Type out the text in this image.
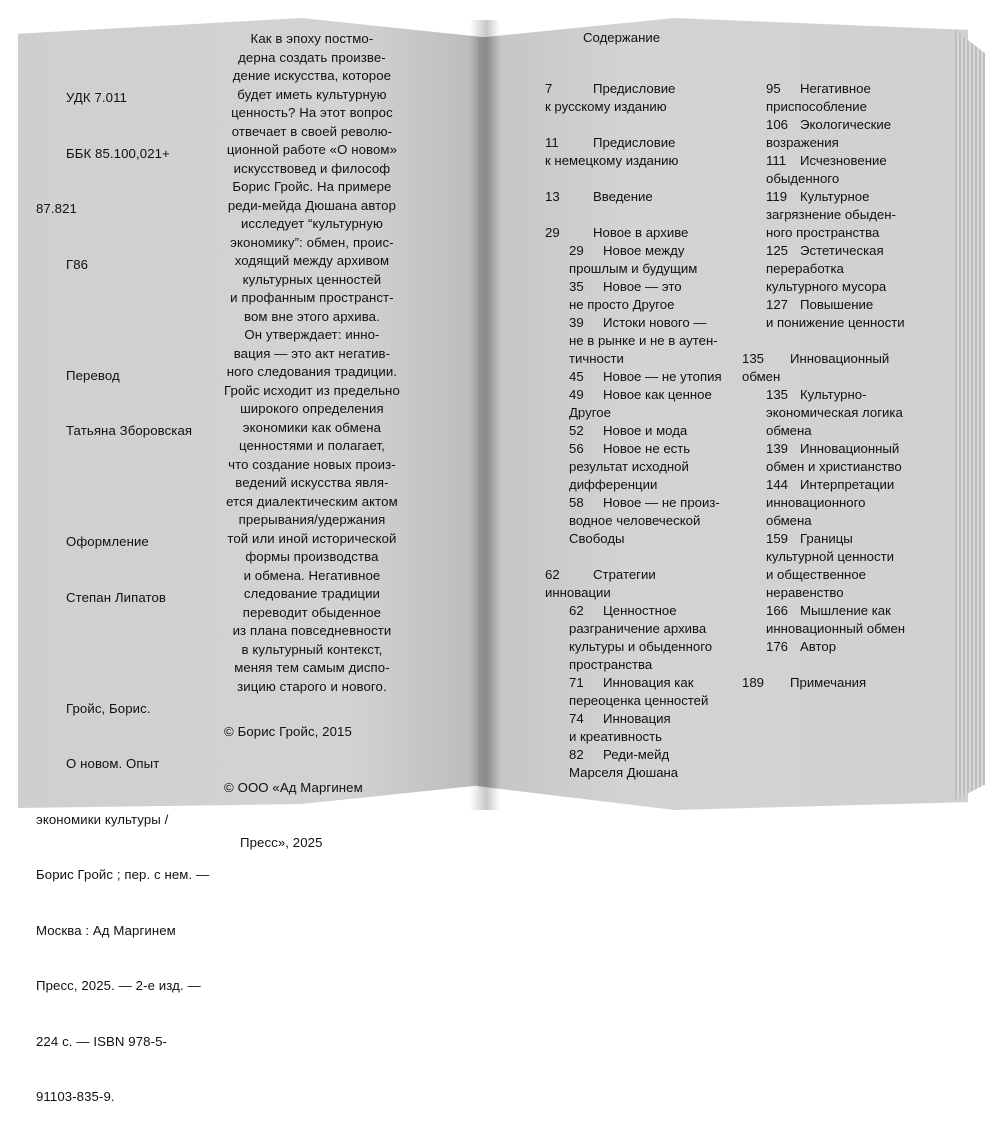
УДК 7.011

ББК 85.100,021+

87.821

Г86

Перевод

Татьяна Зборовская

Оформление

Степан Липатов

Гройс, Борис.

О новом. Опыт

экономики культуры /

Борис Гройс ; пер. с нем. —

Москва : Ад Маргинем

Пресс, 2025. — 2-е изд. —

224 с. — ISBN 978-5-

91103-835-9.

Как в эпоху постмо-
дерна создать произве-
дение искусства, которое
будет иметь культурную
ценность? На этот вопрос
отвечает в своей револю-
ционной работе «О новом»
искусствовед и философ
Борис Гройс. На примере
реди-мейда Дюшана автор
исследует “культурную
экономику”: обмен, проис-
ходящий между архивом
культурных ценностей
и профанным пространст-
вом вне этого архива.
Он утверждает: инно-
вация — это акт негатив-
ного следования традиции.
Гройс исходит из предельно
широкого определения
экономики как обмена
ценностями и полагает,
что создание новых произ-
ведений искусства явля-
ется диалектическим актом
прерывания/удержания
той или иной исторической
формы производства
и обмена. Негативное
следование традиции
переводит обыденное
из плана повседневности
в культурный контекст,
меняя тем самым диспо-
зицию старого и нового.

© Борис Гройс, 2015

© ООО «Ад Маргинем

Пресс», 2025

Содержание
7	Предисловие
к русскому изданию
11	Предисловие
к немецкому изданию
13	Введение
29	Новое в архиве
29 Новое между
прошлым и будущим
35 Новое — это
не просто Другое
39 Истоки нового —
не в рынке и не в аутен-
тичности
45 Новое — не утопия
49 Новое как ценное
Другое
52 Новое и мода
56 Новое не есть
результат исходной
дифференции
58 Новое — не произ-
водное человеческой
Свободы
62	Стратегии
инновации
62 Ценностное
разграничение архива
культуры и обыденного
пространства
71 Инновация как
переоценка ценностей
74 Инновация
и креативность
82 Реди-мейд
Марселя Дюшана
95 Негативное
приспособление
106 Экологические
возражения
111 Исчезновение
обыденного
119 Культурное
загрязнение обыден-
ного пространства
125 Эстетическая
переработка
культурного мусора
127 Повышение
и понижение ценности
135 Инновационный
обмен
135 Культурно-
экономическая логика
обмена
139 Инновационный
обмен и христианство
144 Интерпретации
инновационного
обмена
159 Границы
культурной ценности
и общественное
неравенство
166 Мышление как
инновационный обмен
176 Автор
189 Примечания
